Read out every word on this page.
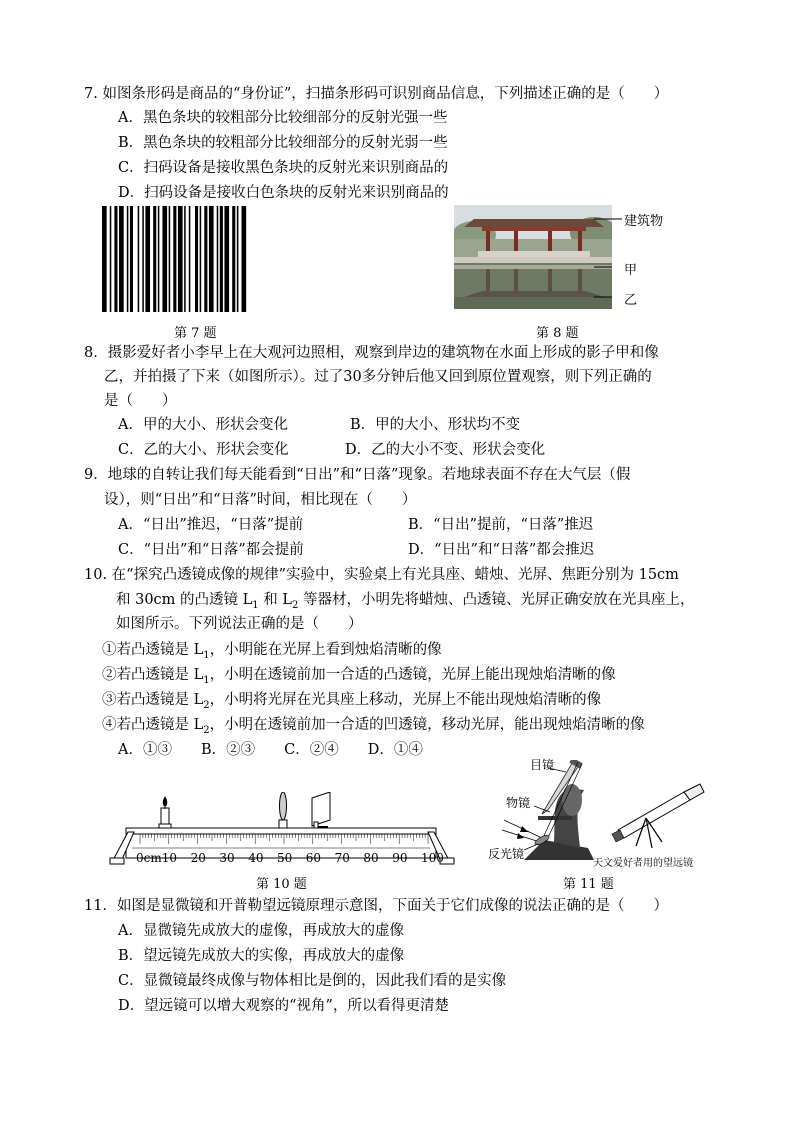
7. 如图条形码是商品的“身份证”，扫描条形码可识别商品信息，下列描述正确的是（　　）
A．黑色条块的较粗部分比较细部分的反射光强一些
B．黑色条块的较粗部分比较细部分的反射光弱一些
C．扫码设备是接收黑色条块的反射光来识别商品的
D．扫码设备是接收白色条块的反射光来识别商品的
第 7 题
建筑物
甲
乙
第 8 题
8．摄影爱好者小李早上在大观河边照相，观察到岸边的建筑物在水面上形成的影子甲和像
乙，并拍摄了下来（如图所示）。过了30多分钟后他又回到原位置观察，则下列正确的
是（　　）
A．甲的大小、形状会变化	B．甲的大小、形状均不变
C．乙的大小、形状会变化	D．乙的大小不变、形状会变化
9．地球的自转让我们每天能看到“日出”和“日落”现象。若地球表面不存在大气层（假
设），则“日出”和“日落”时间，相比现在（　　）
A．“日出”推迟，“日落”提前	B．“日出”提前，“日落”推迟
C．“日出”和“日落”都会提前	D．“日出”和“日落”都会推迟
10. 在“探究凸透镜成像的规律”实验中，实验桌上有光具座、蜡烛、光屏、焦距分别为 15cm
和 30cm 的凸透镜 $L_1$ 和 $L_2$ 等器材，小明先将蜡烛、凸透镜、光屏正确安放在光具座上，
如图所示。下列说法正确的是（　　）
①若凸透镜是 $L_1$，小明能在光屏上看到烛焰清晰的像
②若凸透镜是 $L_1$，小明在透镜前加一合适的凸透镜，光屏上能出现烛焰清晰的像
③若凸透镜是 $L_2$，小明将光屏在光具座上移动，光屏上不能出现烛焰清晰的像
④若凸透镜是 $L_2$，小明在透镜前加一合适的凹透镜，移动光屏，能出现烛焰清晰的像
A．①③　　B．②③　　C．②④　　D．①④
0cm 10 20 30 40 50 60 70 80 90 100
第 10 题
目镜
物镜
反光镜
天文爱好者用的望远镜
第 11 题
11．如图是显微镜和开普勒望远镜原理示意图，下面关于它们成像的说法正确的是（　　）
A．显微镜先成放大的虚像，再成放大的虚像
B．望远镜先成放大的实像，再成放大的虚像
C．显微镜最终成像与物体相比是倒的，因此我们看的是实像
D．望远镜可以增大观察的“视角”，所以看得更清楚
